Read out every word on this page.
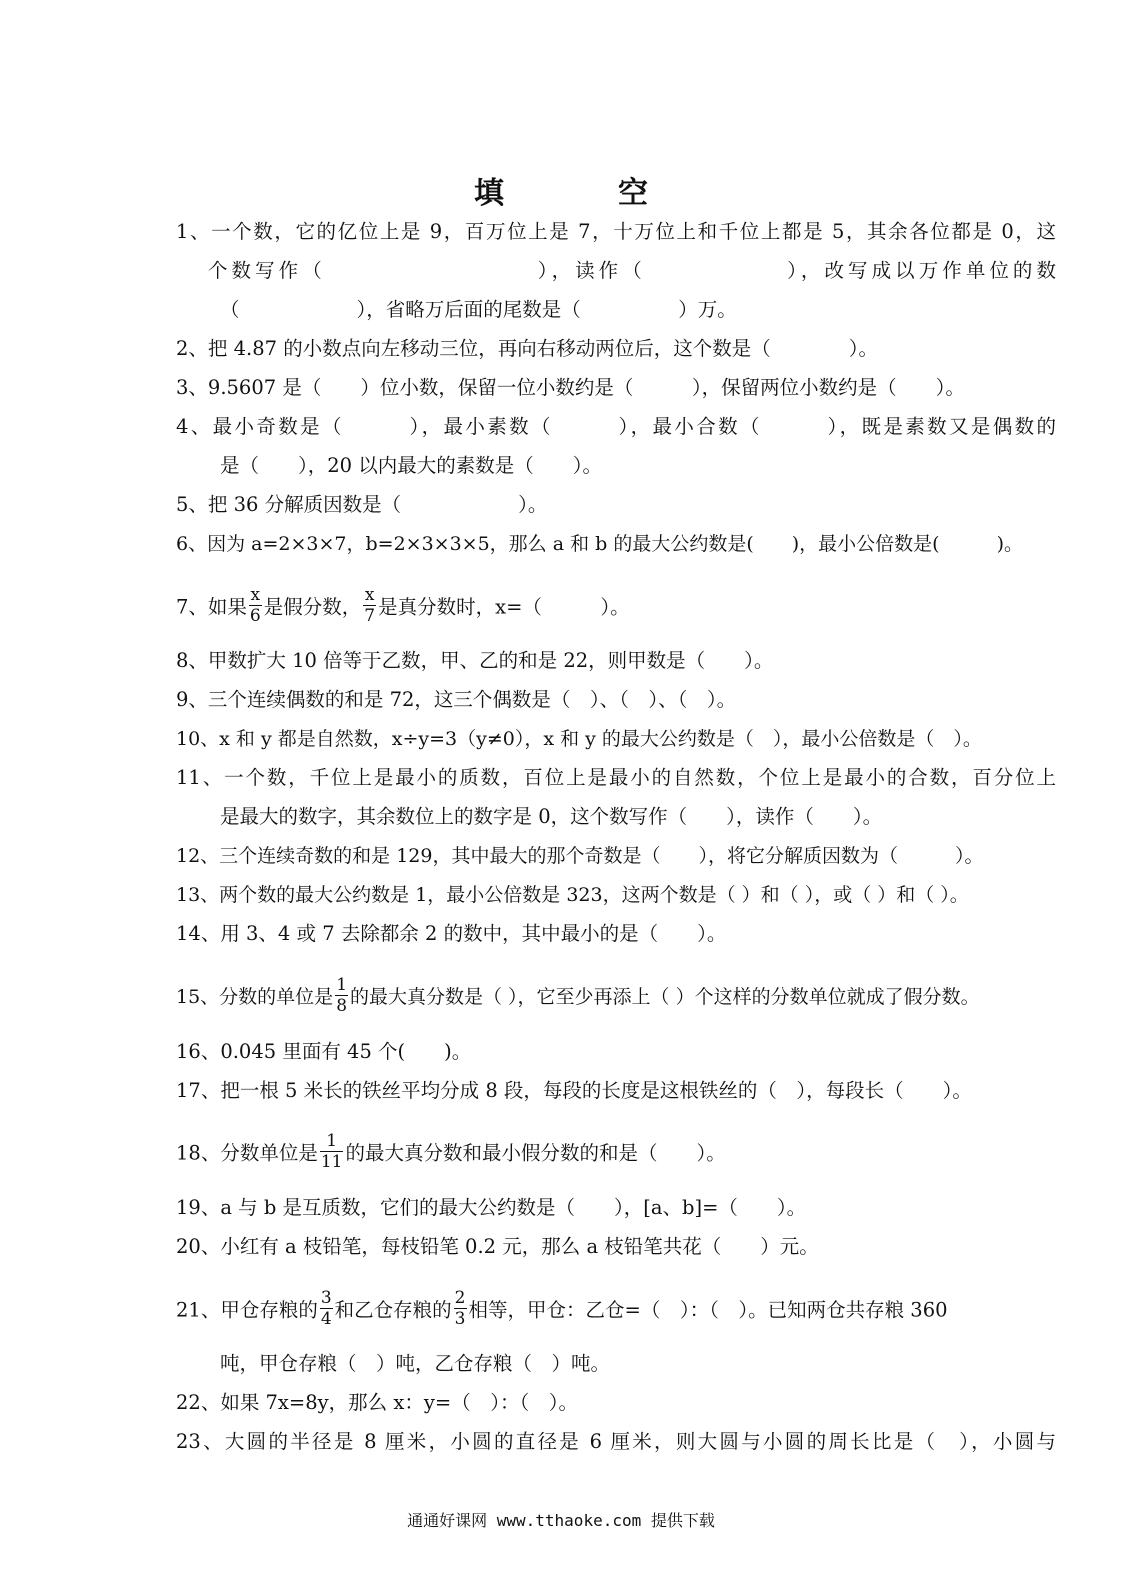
填　空
1、一个数，它的亿位上是 9，百万位上是 7，十万位上和千位上都是 5，其余各位都是 0，这
个数写作（　　　　　　　　　），读作（　　　　　　），改写成以万作单位的数
（　　　　　　），省略万后面的尾数是（　　　　　）万。
2、把 4.87 的小数点向左移动三位，再向右移动两位后，这个数是（　　　　）。
3、9.5607 是（　　）位小数，保留一位小数约是（　　　），保留两位小数约是（　　）。
4、最小奇数是（　　　），最小素数（　　　），最小合数（　　　），既是素数又是偶数的
是（　　），20 以内最大的素数是（　　）。
5、把 36 分解质因数是（　　　　　　）。
6、因为 a=2×3×7，b=2×3×3×5，那么 a 和 b 的最大公约数是(　　)，最小公倍数是(　　　)。
7、如果 $\frac{x}{6}$ 是假分数， $\frac{x}{7}$ 是真分数时，x=（　　　）。
8、甲数扩大 10 倍等于乙数，甲、乙的和是 22，则甲数是（　　）。
9、三个连续偶数的和是 72，这三个偶数是（　）、（　）、（　）。
10、x 和 y 都是自然数，x÷y=3（y≠0），x 和 y 的最大公约数是（　），最小公倍数是（　）。
11、一个数，千位上是最小的质数，百位上是最小的自然数，个位上是最小的合数，百分位上
是最大的数字，其余数位上的数字是 0，这个数写作（　　），读作（　　）。
12、三个连续奇数的和是 129，其中最大的那个奇数是（　　），将它分解质因数为（　　　）。
13、两个数的最大公约数是 1，最小公倍数是 323，这两个数是（ ）和（ ），或（ ）和（ ）。
14、用 3、4 或 7 去除都余 2 的数中，其中最小的是（　　）。
15、分数的单位是 $\frac{1}{8}$ 的最大真分数是（ ），它至少再添上（ ）个这样的分数单位就成了假分数。
16、0.045 里面有 45 个(　　)。
17、把一根 5 米长的铁丝平均分成 8 段，每段的长度是这根铁丝的（　），每段长（　　）。
18、分数单位是 $\frac{1}{11}$ 的最大真分数和最小假分数的和是（　　）。
19、a 与 b 是互质数，它们的最大公约数是（　　），[a、b]=（　　）。
20、小红有 a 枝铅笔，每枝铅笔 0.2 元，那么 a 枝铅笔共花（　　）元。
21、甲仓存粮的 $\frac{3}{4}$ 和乙仓存粮的 $\frac{2}{3}$ 相等，甲仓：乙仓=（　）：（　）。已知两仓共存粮 360
吨，甲仓存粮（　）吨，乙仓存粮（　）吨。
22、如果 7x=8y，那么 x：y=（　）：（　）。
23、大圆的半径是 8 厘米，小圆的直径是 6 厘米，则大圆与小圆的周长比是（　），小圆与
通通好课网 www.tthaoke.com 提供下载
